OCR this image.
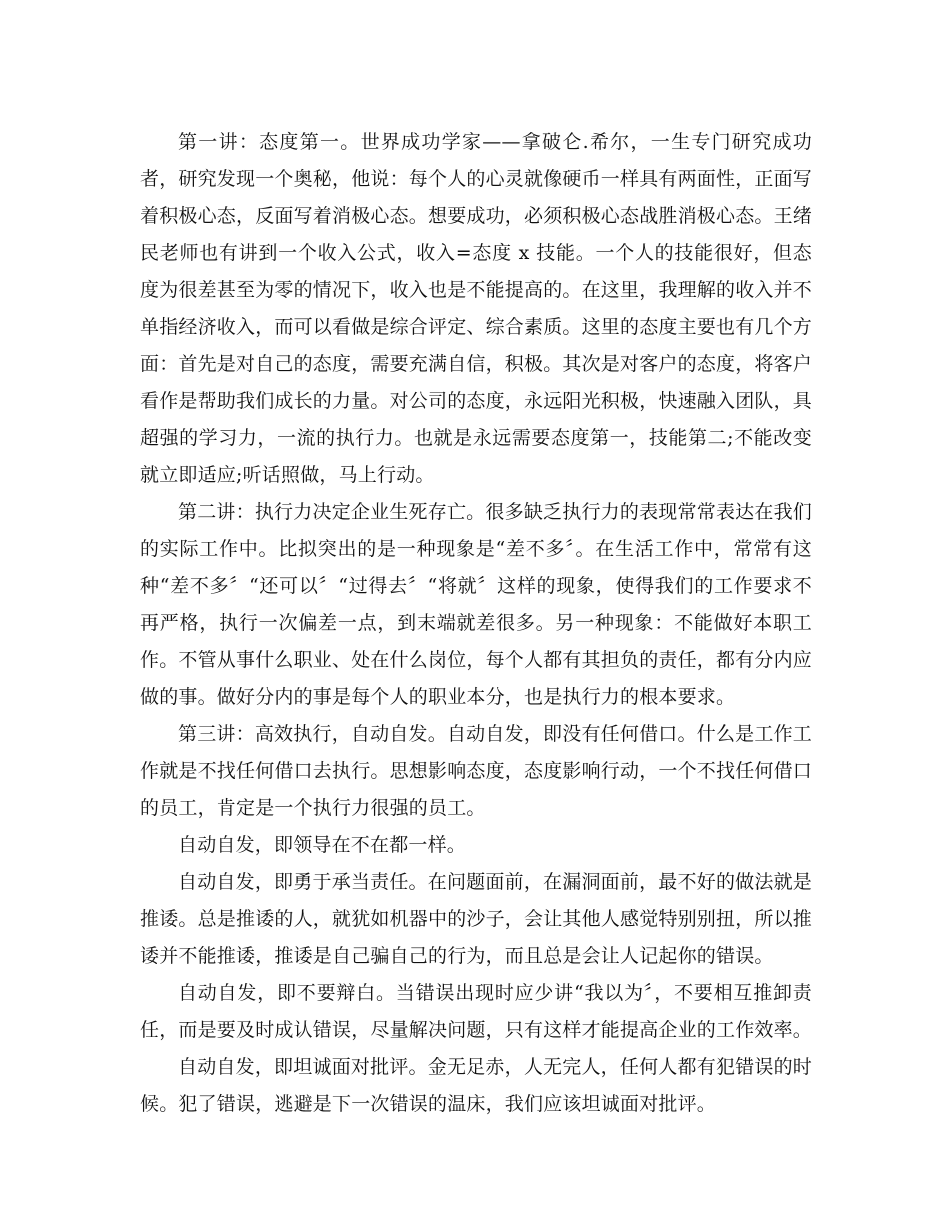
第一讲：态度第一。世界成功学家——拿破仑.希尔，一生专门研究成功者，研究发现一个奥秘，他说：每个人的心灵就像硬币一样具有两面性，正面写着积极心态，反面写着消极心态。想要成功，必须积极心态战胜消极心态。王绪民老师也有讲到一个收入公式，收入=态度 x 技能。一个人的技能很好，但态度为很差甚至为零的情况下，收入也是不能提高的。在这里，我理解的收入并不单指经济收入，而可以看做是综合评定、综合素质。这里的态度主要也有几个方面：首先是对自己的态度，需要充满自信，积极。其次是对客户的态度，将客户看作是帮助我们成长的力量。对公司的态度，永远阳光积极，快速融入团队，具超强的学习力，一流的执行力。也就是永远需要态度第一，技能第二;不能改变就立即适应;听话照做，马上行动。

第二讲：执行力决定企业生死存亡。很多缺乏执行力的表现常常表达在我们的实际工作中。比拟突出的是一种现象是“差不多〞。在生活工作中，常常有这种“差不多〞“还可以〞“过得去〞“将就〞这样的现象，使得我们的工作要求不再严格，执行一次偏差一点，到末端就差很多。另一种现象：不能做好本职工作。不管从事什么职业、处在什么岗位，每个人都有其担负的责任，都有分内应做的事。做好分内的事是每个人的职业本分，也是执行力的根本要求。

第三讲：高效执行，自动自发。自动自发，即没有任何借口。什么是工作工作就是不找任何借口去执行。思想影响态度，态度影响行动，一个不找任何借口的员工，肯定是一个执行力很强的员工。

自动自发，即领导在不在都一样。

自动自发，即勇于承当责任。在问题面前，在漏洞面前，最不好的做法就是推诿。总是推诿的人，就犹如机器中的沙子，会让其他人感觉特别别扭，所以推诿并不能推诿，推诿是自己骗自己的行为，而且总是会让人记起你的错误。

自动自发，即不要辩白。当错误出现时应少讲“我以为〞，不要相互推卸责任，而是要及时成认错误，尽量解决问题，只有这样才能提高企业的工作效率。

自动自发，即坦诚面对批评。金无足赤，人无完人，任何人都有犯错误的时候。犯了错误，逃避是下一次错误的温床，我们应该坦诚面对批评。
